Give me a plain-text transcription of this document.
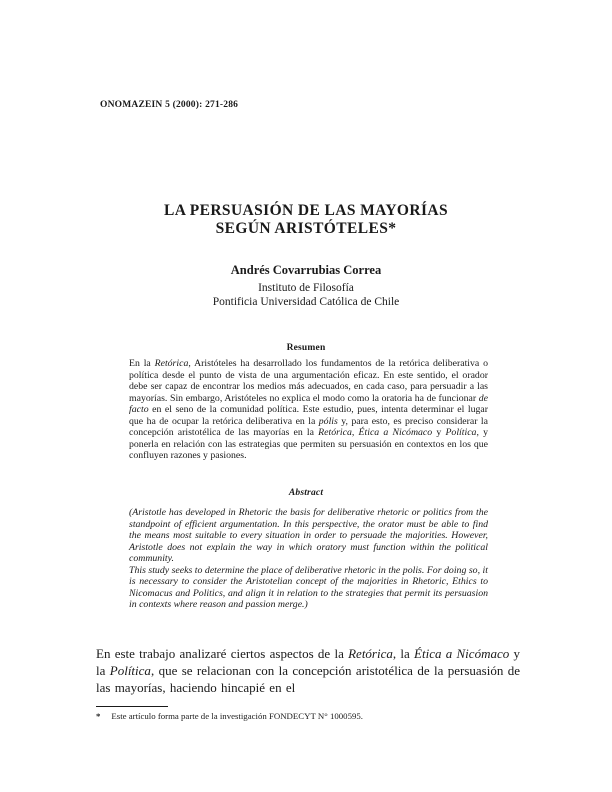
ONOMAZEIN 5 (2000): 271-286
LA PERSUASIÓN DE LAS MAYORÍAS
SEGÚN ARISTÓTELES*
Andrés Covarrubias Correa
Instituto de Filosofía
Pontificia Universidad Católica de Chile
Resumen
En la Retórica, Aristóteles ha desarrollado los fundamentos de la retórica deliberativa o política desde el punto de vista de una argumentación eficaz. En este sentido, el orador debe ser capaz de encontrar los medios más adecuados, en cada caso, para persuadir a las mayorías. Sin embargo, Aristóteles no explica el modo como la oratoria ha de funcionar de facto en el seno de la comunidad política. Este estudio, pues, intenta determinar el lugar que ha de ocupar la retórica deliberativa en la pólis y, para esto, es preciso considerar la concepción aristotélica de las mayorías en la Retórica, Ética a Nicómaco y Política, y ponerla en relación con las estrategias que permiten su persuasión en contextos en los que confluyen razones y pasiones.
Abstract

(Aristotle has developed in Rhetoric the basis for deliberative rhetoric or politics from the standpoint of efficient argumentation. In this perspective, the orator must be able to find the means most suitable to every situation in order to persuade the majorities. However, Aristotle does not explain the way in which oratory must function within the political community.

This study seeks to determine the place of deliberative rhetoric in the polis. For doing so, it is necessary to consider the Aristotelian concept of the majorities in Rhetoric, Ethics to Nicomacus and Politics, and align it in relation to the strategies that permit its persuasion in contexts where reason and passion merge.)

En este trabajo analizaré ciertos aspectos de la Retórica, la Ética a Nicómaco y la Política, que se relacionan con la concepción aristotélica de la persuasión de las mayorías, haciendo hincapié en el
* Este artículo forma parte de la investigación FONDECYT N° 1000595.
